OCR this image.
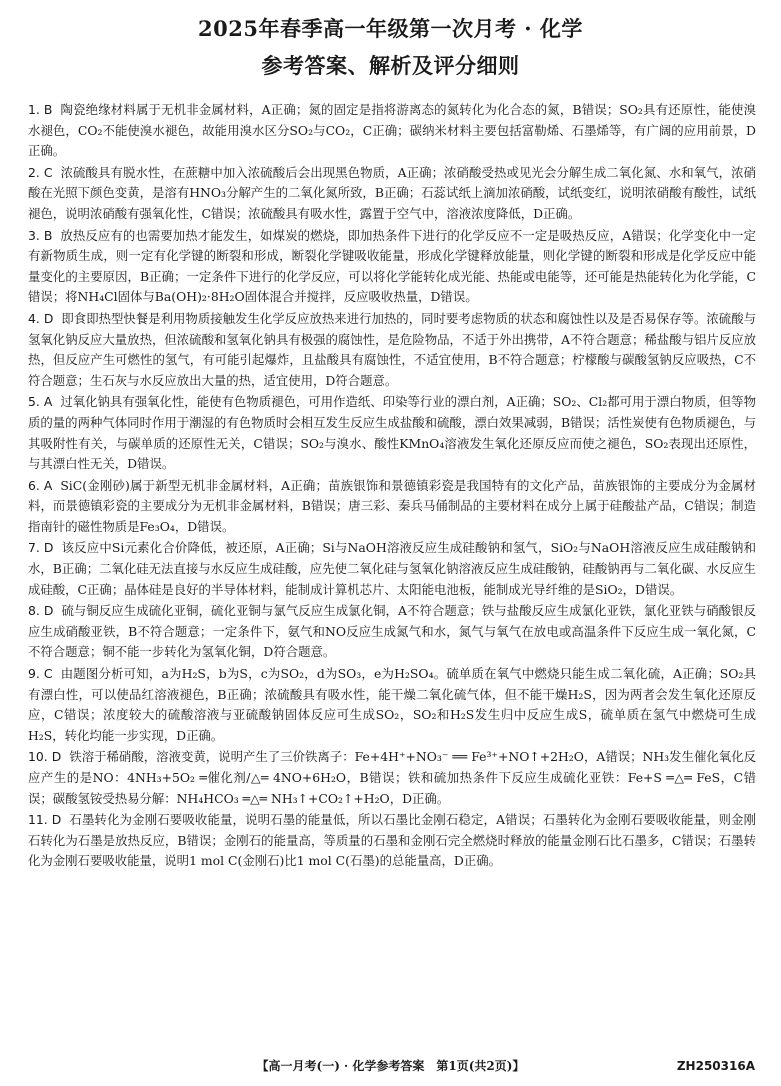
2025年春季高一年级第一次月考 · 化学
参考答案、解析及评分细则

1. B 陶瓷绝缘材料属于无机非金属材料，A正确；氮的固定是指将游离态的氮转化为化合态的氮，B错误；SO₂具有还原性，能使溴水褪色，CO₂不能使溴水褪色，故能用溴水区分SO₂与CO₂，C正确；碳纳米材料主要包括富勒烯、石墨烯等，有广阔的应用前景，D正确。

2. C 浓硫酸具有脱水性，在蔗糖中加入浓硫酸后会出现黑色物质，A正确；浓硝酸受热或见光会分解生成二氧化氮、水和氧气，浓硝酸在光照下颜色变黄，是溶有HNO₃分解产生的二氧化氮所致，B正确；石蕊试纸上滴加浓硝酸，试纸变红，说明浓硝酸有酸性，试纸褪色，说明浓硝酸有强氧化性，C错误；浓硫酸具有吸水性，露置于空气中，溶液浓度降低，D正确。

3. B 放热反应有的也需要加热才能发生，如煤炭的燃烧，即加热条件下进行的化学反应不一定是吸热反应，A错误；化学变化中一定有新物质生成，则一定有化学键的断裂和形成，断裂化学键吸收能量，形成化学键释放能量，则化学键的断裂和形成是化学反应中能量变化的主要原因，B正确；一定条件下进行的化学反应，可以将化学能转化成光能、热能或电能等，还可能是热能转化为化学能，C错误；将NH₄Cl固体与Ba(OH)₂·8H₂O固体混合并搅拌，反应吸收热量，D错误。

4. D 即食即热型快餐是利用物质接触发生化学反应放热来进行加热的，同时要考虑物质的状态和腐蚀性以及是否易保存等。浓硫酸与氢氧化钠反应大量放热，但浓硫酸和氢氧化钠具有极强的腐蚀性，是危险物品，不适于外出携带，A不符合题意；稀盐酸与铝片反应放热，但反应产生可燃性的氢气，有可能引起爆炸，且盐酸具有腐蚀性，不适宜使用，B不符合题意；柠檬酸与碳酸氢钠反应吸热，C不符合题意；生石灰与水反应放出大量的热，适宜使用，D符合题意。

5. A 过氧化钠具有强氧化性，能使有色物质褪色，可用作造纸、印染等行业的漂白剂，A正确；SO₂、Cl₂都可用于漂白物质，但等物质的量的两种气体同时作用于潮湿的有色物质时会相互发生反应生成盐酸和硫酸，漂白效果减弱，B错误；活性炭使有色物质褪色，与其吸附性有关，与碳单质的还原性无关，C错误；SO₂与溴水、酸性KMnO₄溶液发生氧化还原反应而使之褪色，SO₂表现出还原性，与其漂白性无关，D错误。

6. A SiC(金刚砂)属于新型无机非金属材料，A正确；苗族银饰和景德镇彩瓷是我国特有的文化产品，苗族银饰的主要成分为金属材料，而景德镇彩瓷的主要成分为无机非金属材料，B错误；唐三彩、秦兵马俑制品的主要材料在成分上属于硅酸盐产品，C错误；制造指南针的磁性物质是Fe₃O₄，D错误。

7. D 该反应中Si元素化合价降低，被还原，A正确；Si与NaOH溶液反应生成硅酸钠和氢气，SiO₂与NaOH溶液反应生成硅酸钠和水，B正确；二氧化硅无法直接与水反应生成硅酸，应先使二氧化硅与氢氧化钠溶液反应生成硅酸钠，硅酸钠再与二氧化碳、水反应生成硅酸，C正确；晶体硅是良好的半导体材料，能制成计算机芯片、太阳能电池板，能制成光导纤维的是SiO₂，D错误。

8. D 硫与铜反应生成硫化亚铜，硫化亚铜与氯气反应生成氯化铜，A不符合题意；铁与盐酸反应生成氯化亚铁，氯化亚铁与硝酸银反应生成硝酸亚铁，B不符合题意；一定条件下，氨气和NO反应生成氮气和水，氮气与氧气在放电或高温条件下反应生成一氧化氮，C不符合题意；铜不能一步转化为氢氧化铜，D符合题意。

9. C 由题图分析可知，a为H₂S，b为S，c为SO₂，d为SO₃，e为H₂SO₄。硫单质在氧气中燃烧只能生成二氧化硫，A正确；SO₂具有漂白性，可以使品红溶液褪色，B正确；浓硫酸具有吸水性，能干燥二氧化硫气体，但不能干燥H₂S，因为两者会发生氧化还原反应，C错误；浓度较大的硫酸溶液与亚硫酸钠固体反应可生成SO₂，SO₂和H₂S发生归中反应生成S，硫单质在氢气中燃烧可生成H₂S，转化均能一步实现，D正确。

10. D 铁溶于稀硝酸，溶液变黄，说明产生了三价铁离子：Fe+4H⁺+NO₃⁻ ══ Fe³⁺+NO↑+2H₂O，A错误；NH₃发生催化氧化反应产生的是NO：4NH₃+5O₂ ═催化剂/△═ 4NO+6H₂O，B错误；铁和硫加热条件下反应生成硫化亚铁：Fe+S ═△═ FeS，C错误；碳酸氢铵受热易分解：NH₄HCO₃ ═△═ NH₃↑+CO₂↑+H₂O，D正确。

11. D 石墨转化为金刚石要吸收能量，说明石墨的能量低，所以石墨比金刚石稳定，A错误；石墨转化为金刚石要吸收能量，则金刚石转化为石墨是放热反应，B错误；金刚石的能量高，等质量的石墨和金刚石完全燃烧时释放的能量金刚石比石墨多，C错误；石墨转化为金刚石要吸收能量，说明1 mol C(金刚石)比1 mol C(石墨)的总能量高，D正确。

【高一月考(一) · 化学参考答案　第1页(共2页)】	ZH250316A
